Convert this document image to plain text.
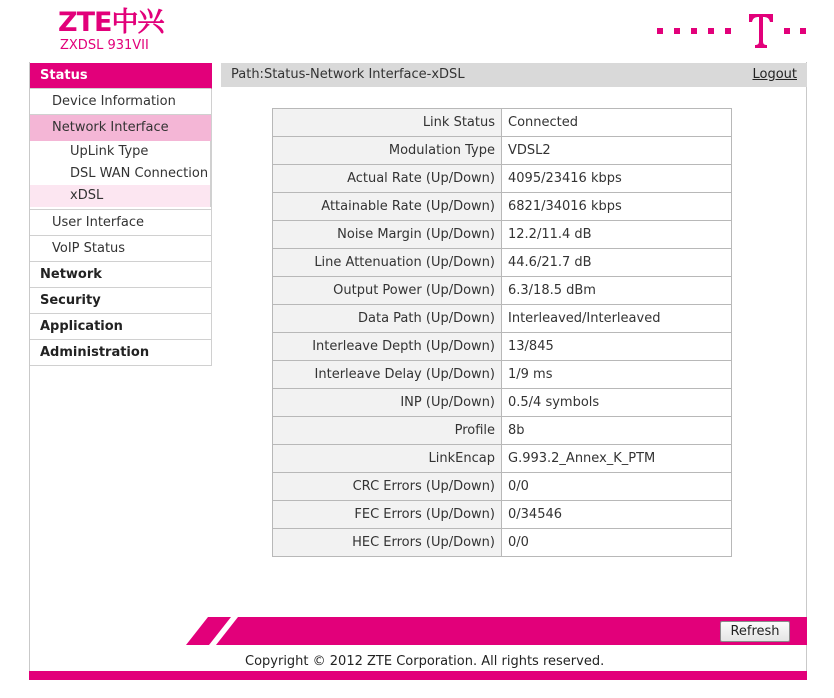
ZTE中兴
ZXDSL 931VII
Status
Device Information
Network Interface
UpLink Type
DSL WAN Connection
xDSL
User Interface
VoIP Status
Network
Security
Application
Administration
Path:Status-Network Interface-xDSL	Logout
Link Status	Connected
Modulation Type	VDSL2
Actual Rate (Up/Down)	4095/23416 kbps
Attainable Rate (Up/Down)	6821/34016 kbps
Noise Margin (Up/Down)	12.2/11.4 dB
Line Attenuation (Up/Down)	44.6/21.7 dB
Output Power (Up/Down)	6.3/18.5 dBm
Data Path (Up/Down)	Interleaved/Interleaved
Interleave Depth (Up/Down)	13/845
Interleave Delay (Up/Down)	1/9 ms
INP (Up/Down)	0.5/4 symbols
Profile	8b
LinkEncap	G.993.2_Annex_K_PTM
CRC Errors (Up/Down)	0/0
FEC Errors (Up/Down)	0/34546
HEC Errors (Up/Down)	0/0
Refresh
Copyright © 2012 ZTE Corporation. All rights reserved.
